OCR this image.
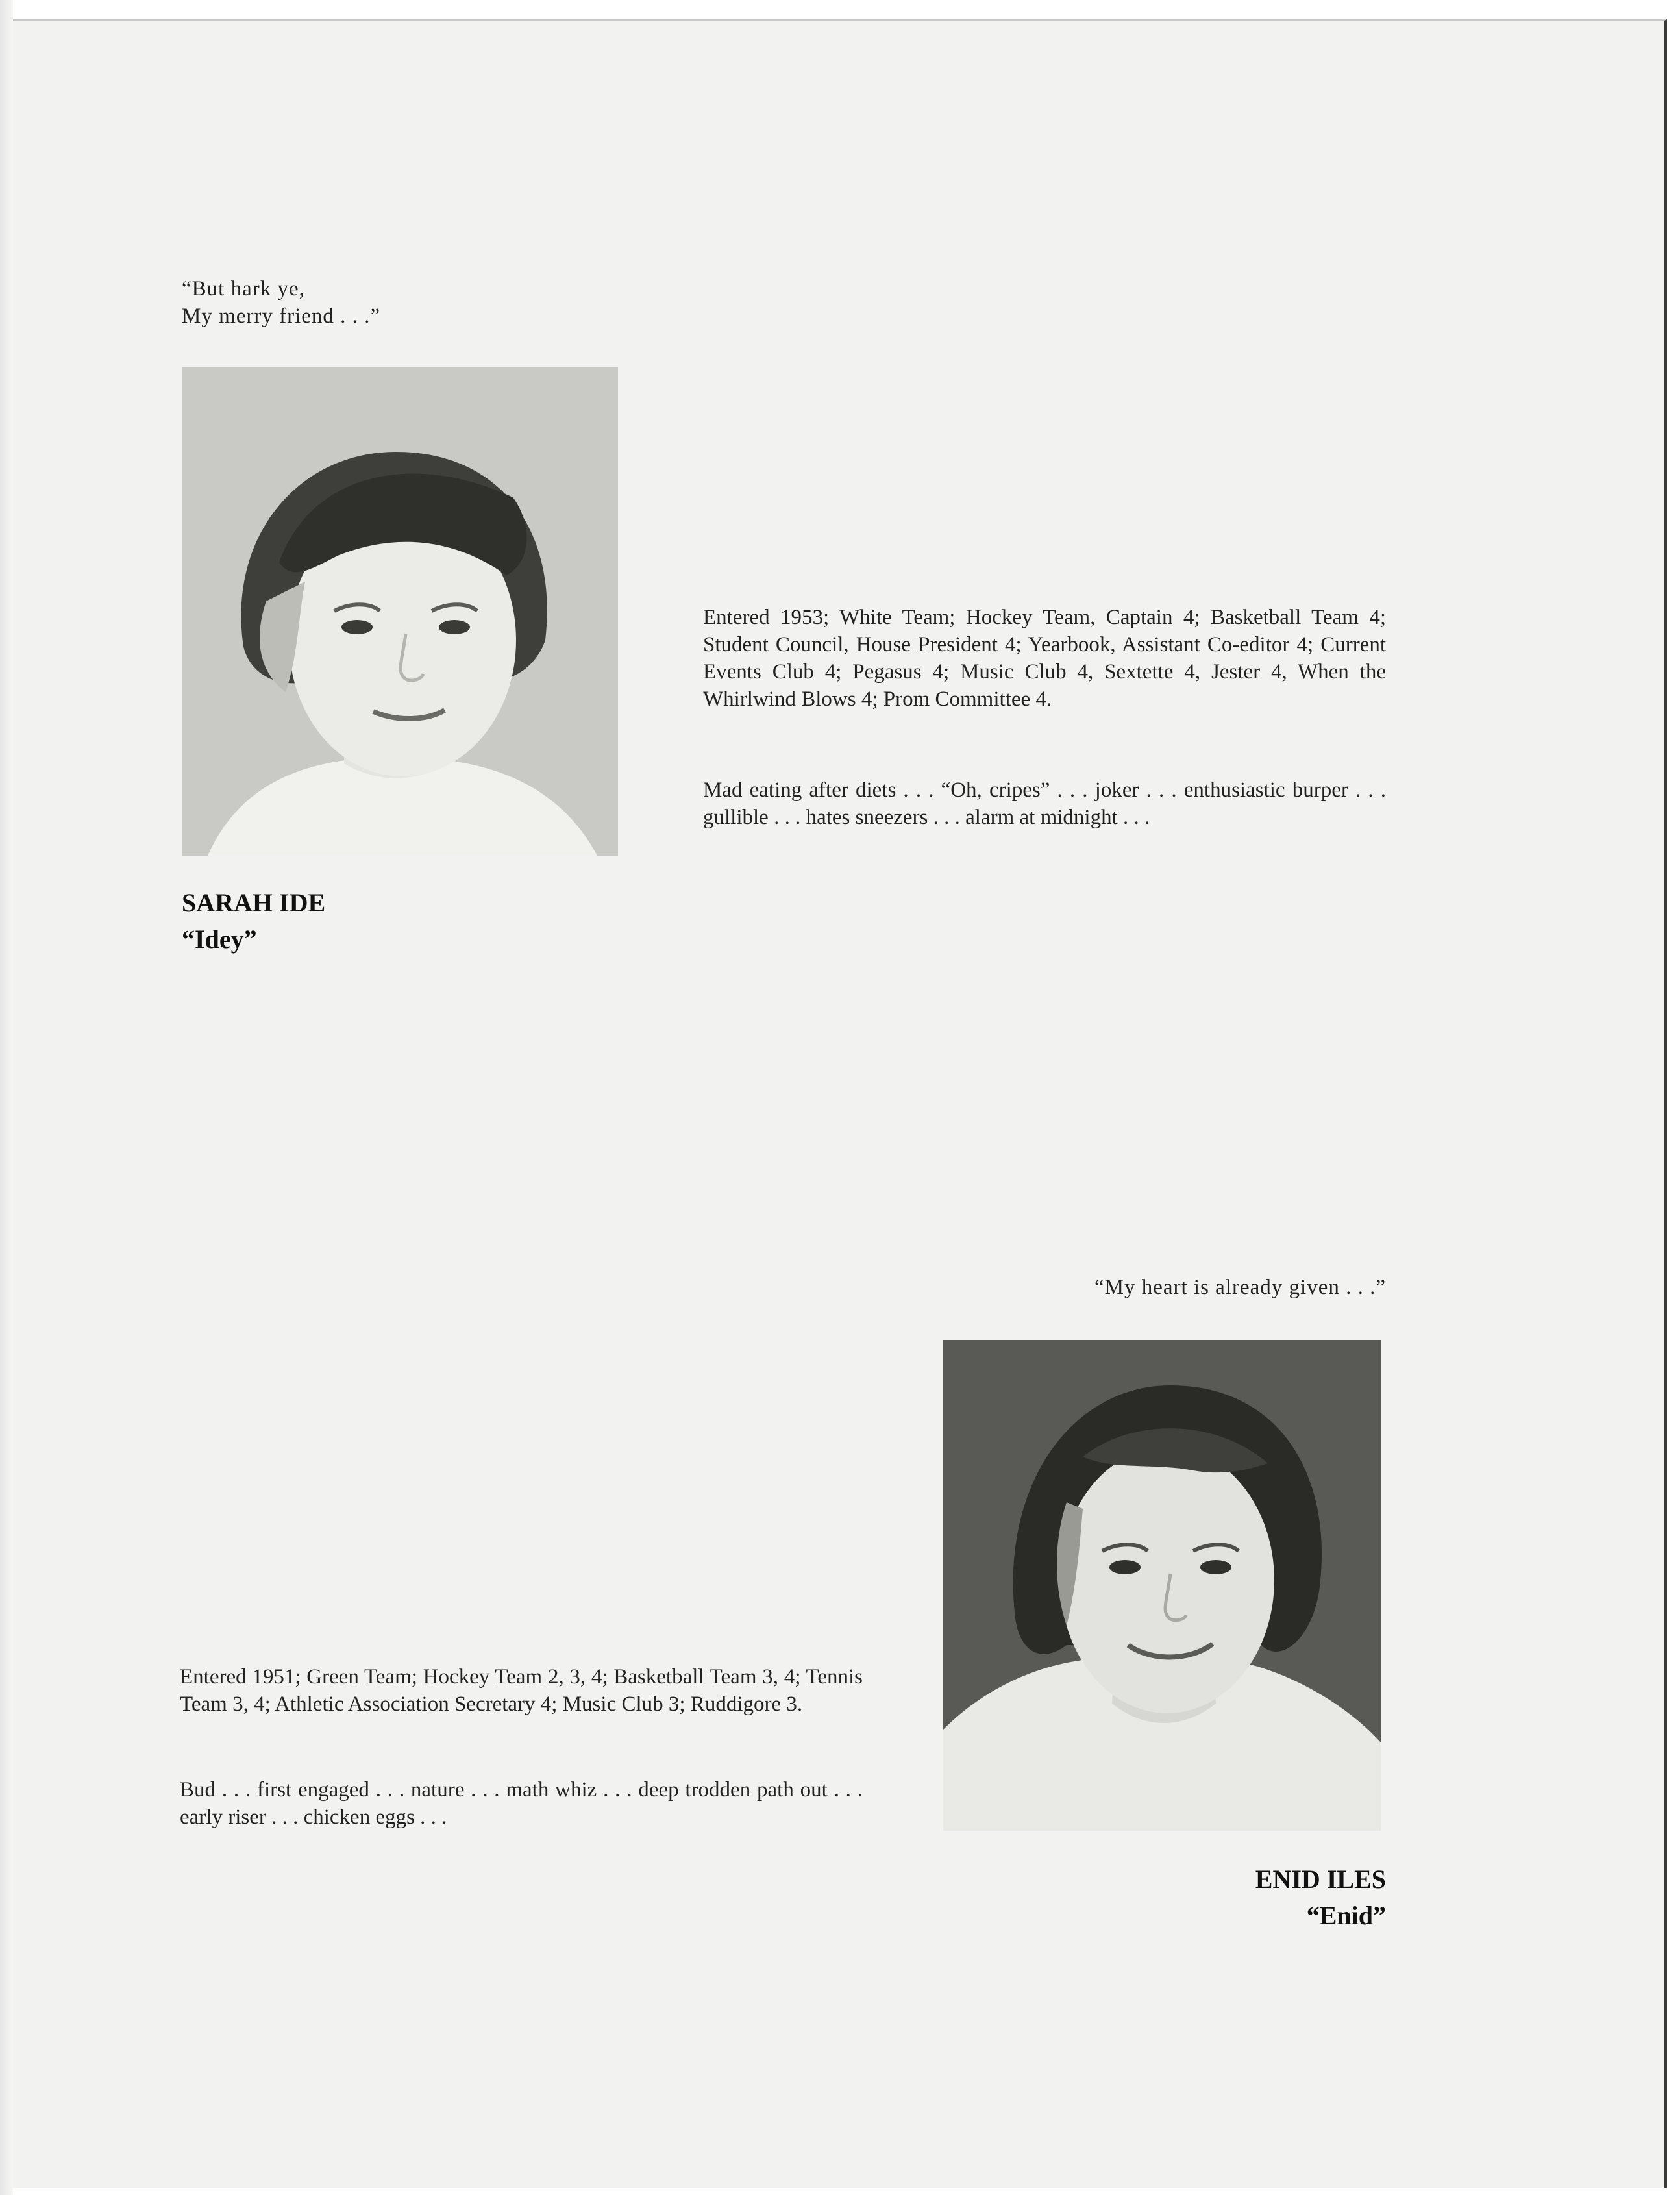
“But hark ye,
My merry friend . . .”
SARAH IDE
“Idey”
Entered 1953; White Team; Hockey Team, Captain 4; Basketball Team 4; Student Council, House President 4; Yearbook, Assistant Co-editor 4; Current Events Club 4; Pegasus 4; Music Club 4, Sextette 4, Jester 4, When the Whirlwind Blows 4; Prom Committee 4.
Mad eating after diets . . . “Oh, cripes” . . . joker . . . enthusiastic burper . . . gullible . . . hates sneezers . . . alarm at midnight . . .
“My heart is already given . . .”
ENID ILES
“Enid”
Entered 1951; Green Team; Hockey Team 2, 3, 4; Basketball Team 3, 4; Tennis Team 3, 4; Athletic Association Secretary 4; Music Club 3; Ruddigore 3.
Bud . . . first engaged . . . nature . . . math whiz . . . deep trodden path out . . . early riser . . . chicken eggs . . .
